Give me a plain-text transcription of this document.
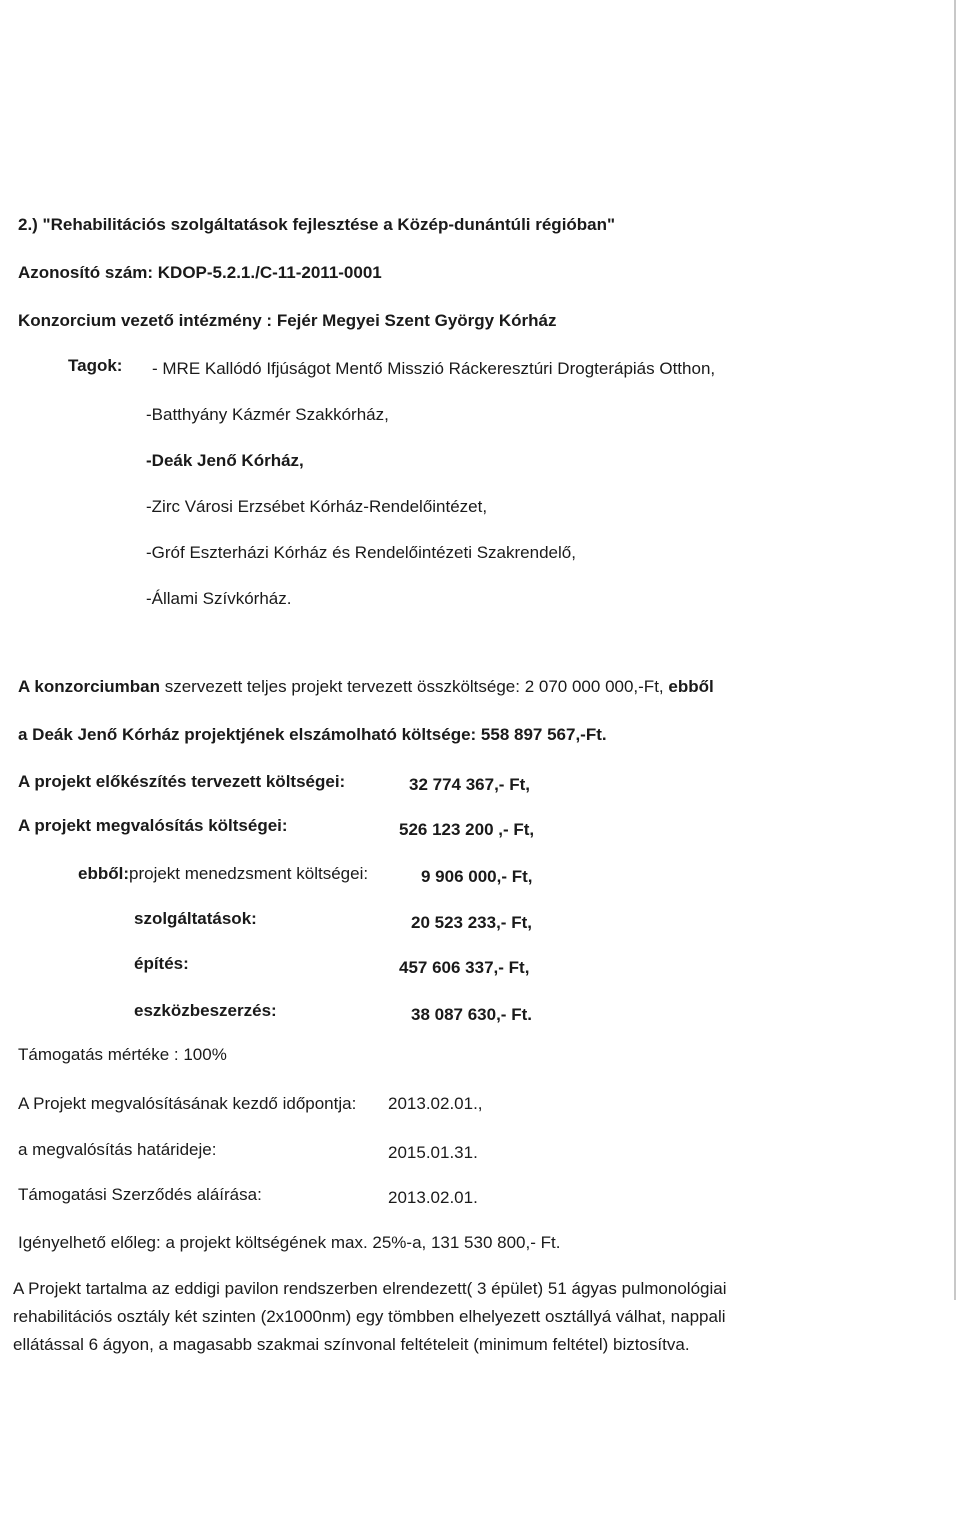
2.) "Rehabilitációs szolgáltatások fejlesztése a Közép-dunántúli régióban"
Azonosító szám: KDOP-5.2.1./C-11-2011-0001
Konzorcium vezető intézmény : Fejér Megyei Szent György Kórház
Tagok: - MRE Kallódó Ifjúságot Mentő Misszió Ráckeresztúri Drogterápiás Otthon,
-Batthyány Kázmér Szakkórház,
-Deák Jenő Kórház,
-Zirc Városi Erzsébet Kórház-Rendelőintézet,
-Gróf Eszterházi Kórház és Rendelőintézeti Szakrendelő,
-Állami Szívkórház.
A konzorciumban szervezett teljes projekt tervezett összköltsége: 2 070 000 000,-Ft, ebből
a Deák Jenő Kórház projektjének elszámolható költsége: 558 897 567,-Ft.
A projekt előkészítés tervezett költségei:	32 774 367,- Ft,
A projekt megvalósítás költségei:	526 123 200 ,- Ft,
ebből:projekt menedzsment költségei:	9 906 000,- Ft,
szolgáltatások:	20 523 233,- Ft,
építés:	457 606 337,- Ft,
eszközbeszerzés:	38 087 630,- Ft.
Támogatás mértéke : 100%
A Projekt megvalósításának kezdő időpontja: 2013.02.01.,
a megvalósítás határideje:	2015.01.31.
Támogatási Szerződés aláírása:	2013.02.01.
Igényelhető előleg: a projekt költségének max. 25%-a, 131 530 800,- Ft.
A Projekt tartalma az eddigi pavilon rendszerben elrendezett( 3 épület) 51 ágyas pulmonológiai
rehabilitációs osztály két szinten (2x1000nm) egy tömbben elhelyezett osztállyá válhat, nappali
ellátással 6 ágyon, a magasabb szakmai színvonal feltételeit (minimum feltétel) biztosítva.
